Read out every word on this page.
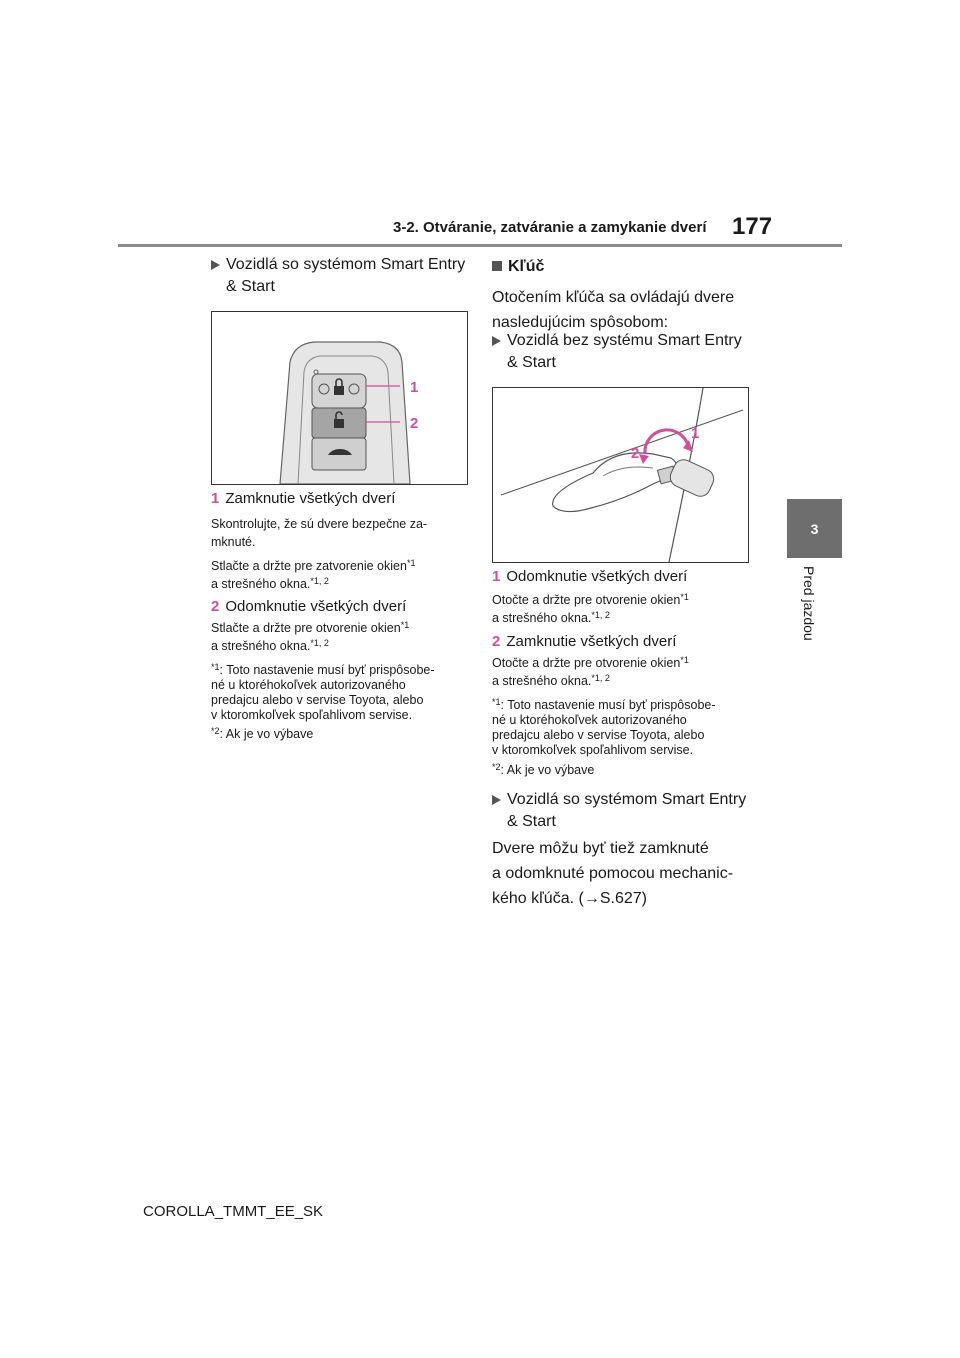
3-2. Otváranie, zatváranie a zamykanie dverí 177
3
Pred jazdou
Vozidlá so systémom Smart Entry
& Start
1
2
1 Zamknutie všetkých dverí
Skontrolujte, že sú dvere bezpečne za-
mknuté.
Stlačte a držte pre zatvorenie okien$^{*1}$
a strešného okna.$^{*1, 2}$
2 Odomknutie všetkých dverí
Stlačte a držte pre otvorenie okien$^{*1}$
a strešného okna.$^{*1, 2}$
$^{*1}$: Toto nastavenie musí byť prispôsobe-
né u ktoréhokoľvek autorizovaného
predajcu alebo v servise Toyota, alebo
v ktoromkoľvek spoľahlivom servise.
$^{*2}$: Ak je vo výbave
Kľúč
Otočením kľúča sa ovládajú dvere
nasledujúcim spôsobom:
Vozidlá bez systému Smart Entry
& Start
1
2
1 Odomknutie všetkých dverí
Otočte a držte pre otvorenie okien$^{*1}$
a strešného okna.$^{*1, 2}$
2 Zamknutie všetkých dverí
Otočte a držte pre otvorenie okien$^{*1}$
a strešného okna.$^{*1, 2}$
$^{*1}$: Toto nastavenie musí byť prispôsobe-
né u ktoréhokoľvek autorizovaného
predajcu alebo v servise Toyota, alebo
v ktoromkoľvek spoľahlivom servise.
$^{*2}$: Ak je vo výbave
Vozidlá so systémom Smart Entry
& Start
Dvere môžu byť tiež zamknuté
a odomknuté pomocou mechanic-
kého kľúča. (→S.627)
COROLLA_TMMT_EE_SK
